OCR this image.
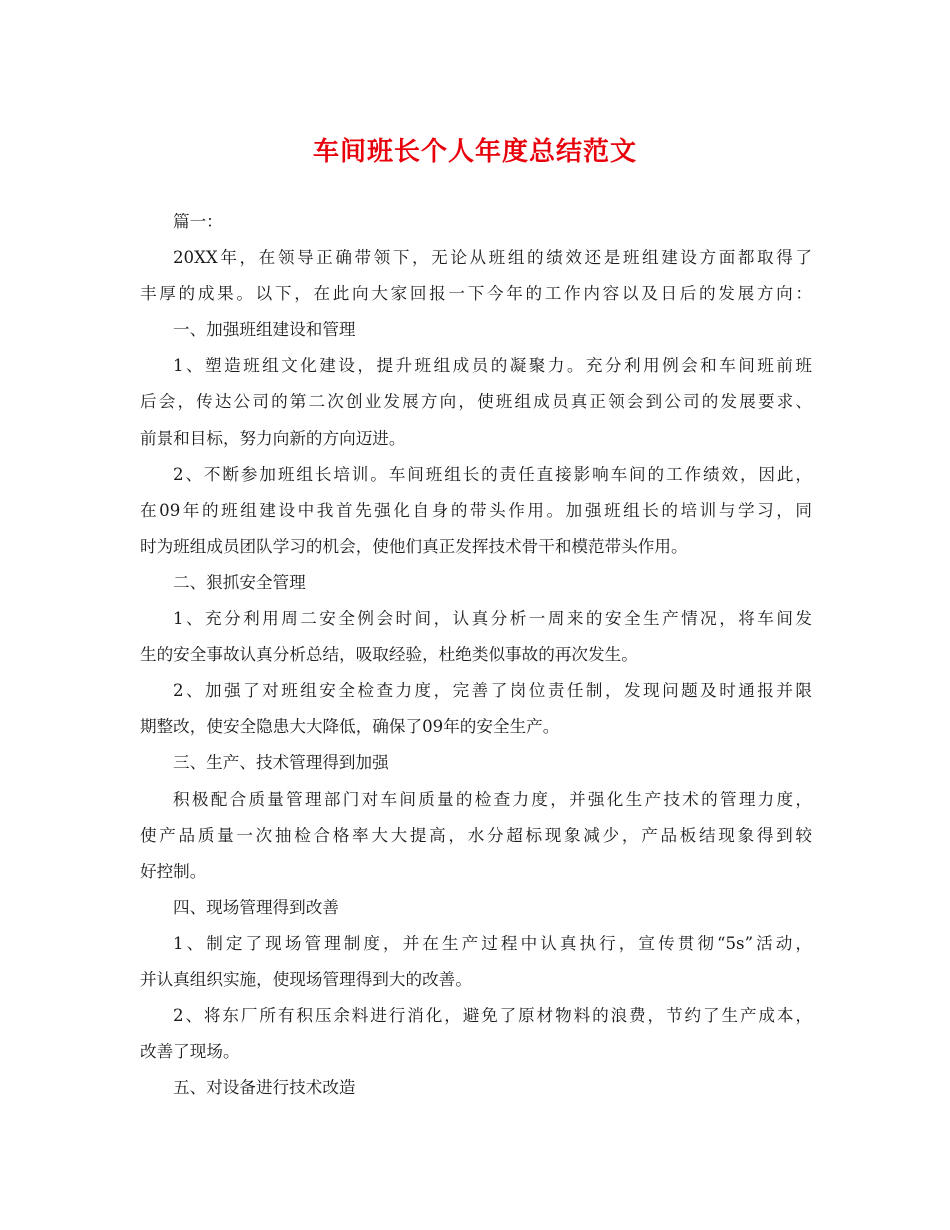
车间班长个人年度总结范文
篇一：
20XX年，在领导正确带领下，无论从班组的绩效还是班组建设方面都取得了
丰厚的成果。以下，在此向大家回报一下今年的工作内容以及日后的发展方向：
一、加强班组建设和管理
1、塑造班组文化建设，提升班组成员的凝聚力。充分利用例会和车间班前班
后会，传达公司的第二次创业发展方向，使班组成员真正领会到公司的发展要求、
前景和目标，努力向新的方向迈进。
2、不断参加班组长培训。车间班组长的责任直接影响车间的工作绩效，因此，
在09年的班组建设中我首先强化自身的带头作用。加强班组长的培训与学习，同
时为班组成员团队学习的机会，使他们真正发挥技术骨干和模范带头作用。
二、狠抓安全管理
1、充分利用周二安全例会时间，认真分析一周来的安全生产情况，将车间发
生的安全事故认真分析总结，吸取经验，杜绝类似事故的再次发生。
2、加强了对班组安全检查力度，完善了岗位责任制，发现问题及时通报并限
期整改，使安全隐患大大降低，确保了09年的安全生产。
三、生产、技术管理得到加强
积极配合质量管理部门对车间质量的检查力度，并强化生产技术的管理力度，
使产品质量一次抽检合格率大大提高，水分超标现象减少，产品板结现象得到较
好控制。
四、现场管理得到改善
1、制定了现场管理制度，并在生产过程中认真执行，宣传贯彻“5s”活动，
并认真组织实施，使现场管理得到大的改善。
2、将东厂所有积压余料进行消化，避免了原材物料的浪费，节约了生产成本，
改善了现场。
五、对设备进行技术改造
